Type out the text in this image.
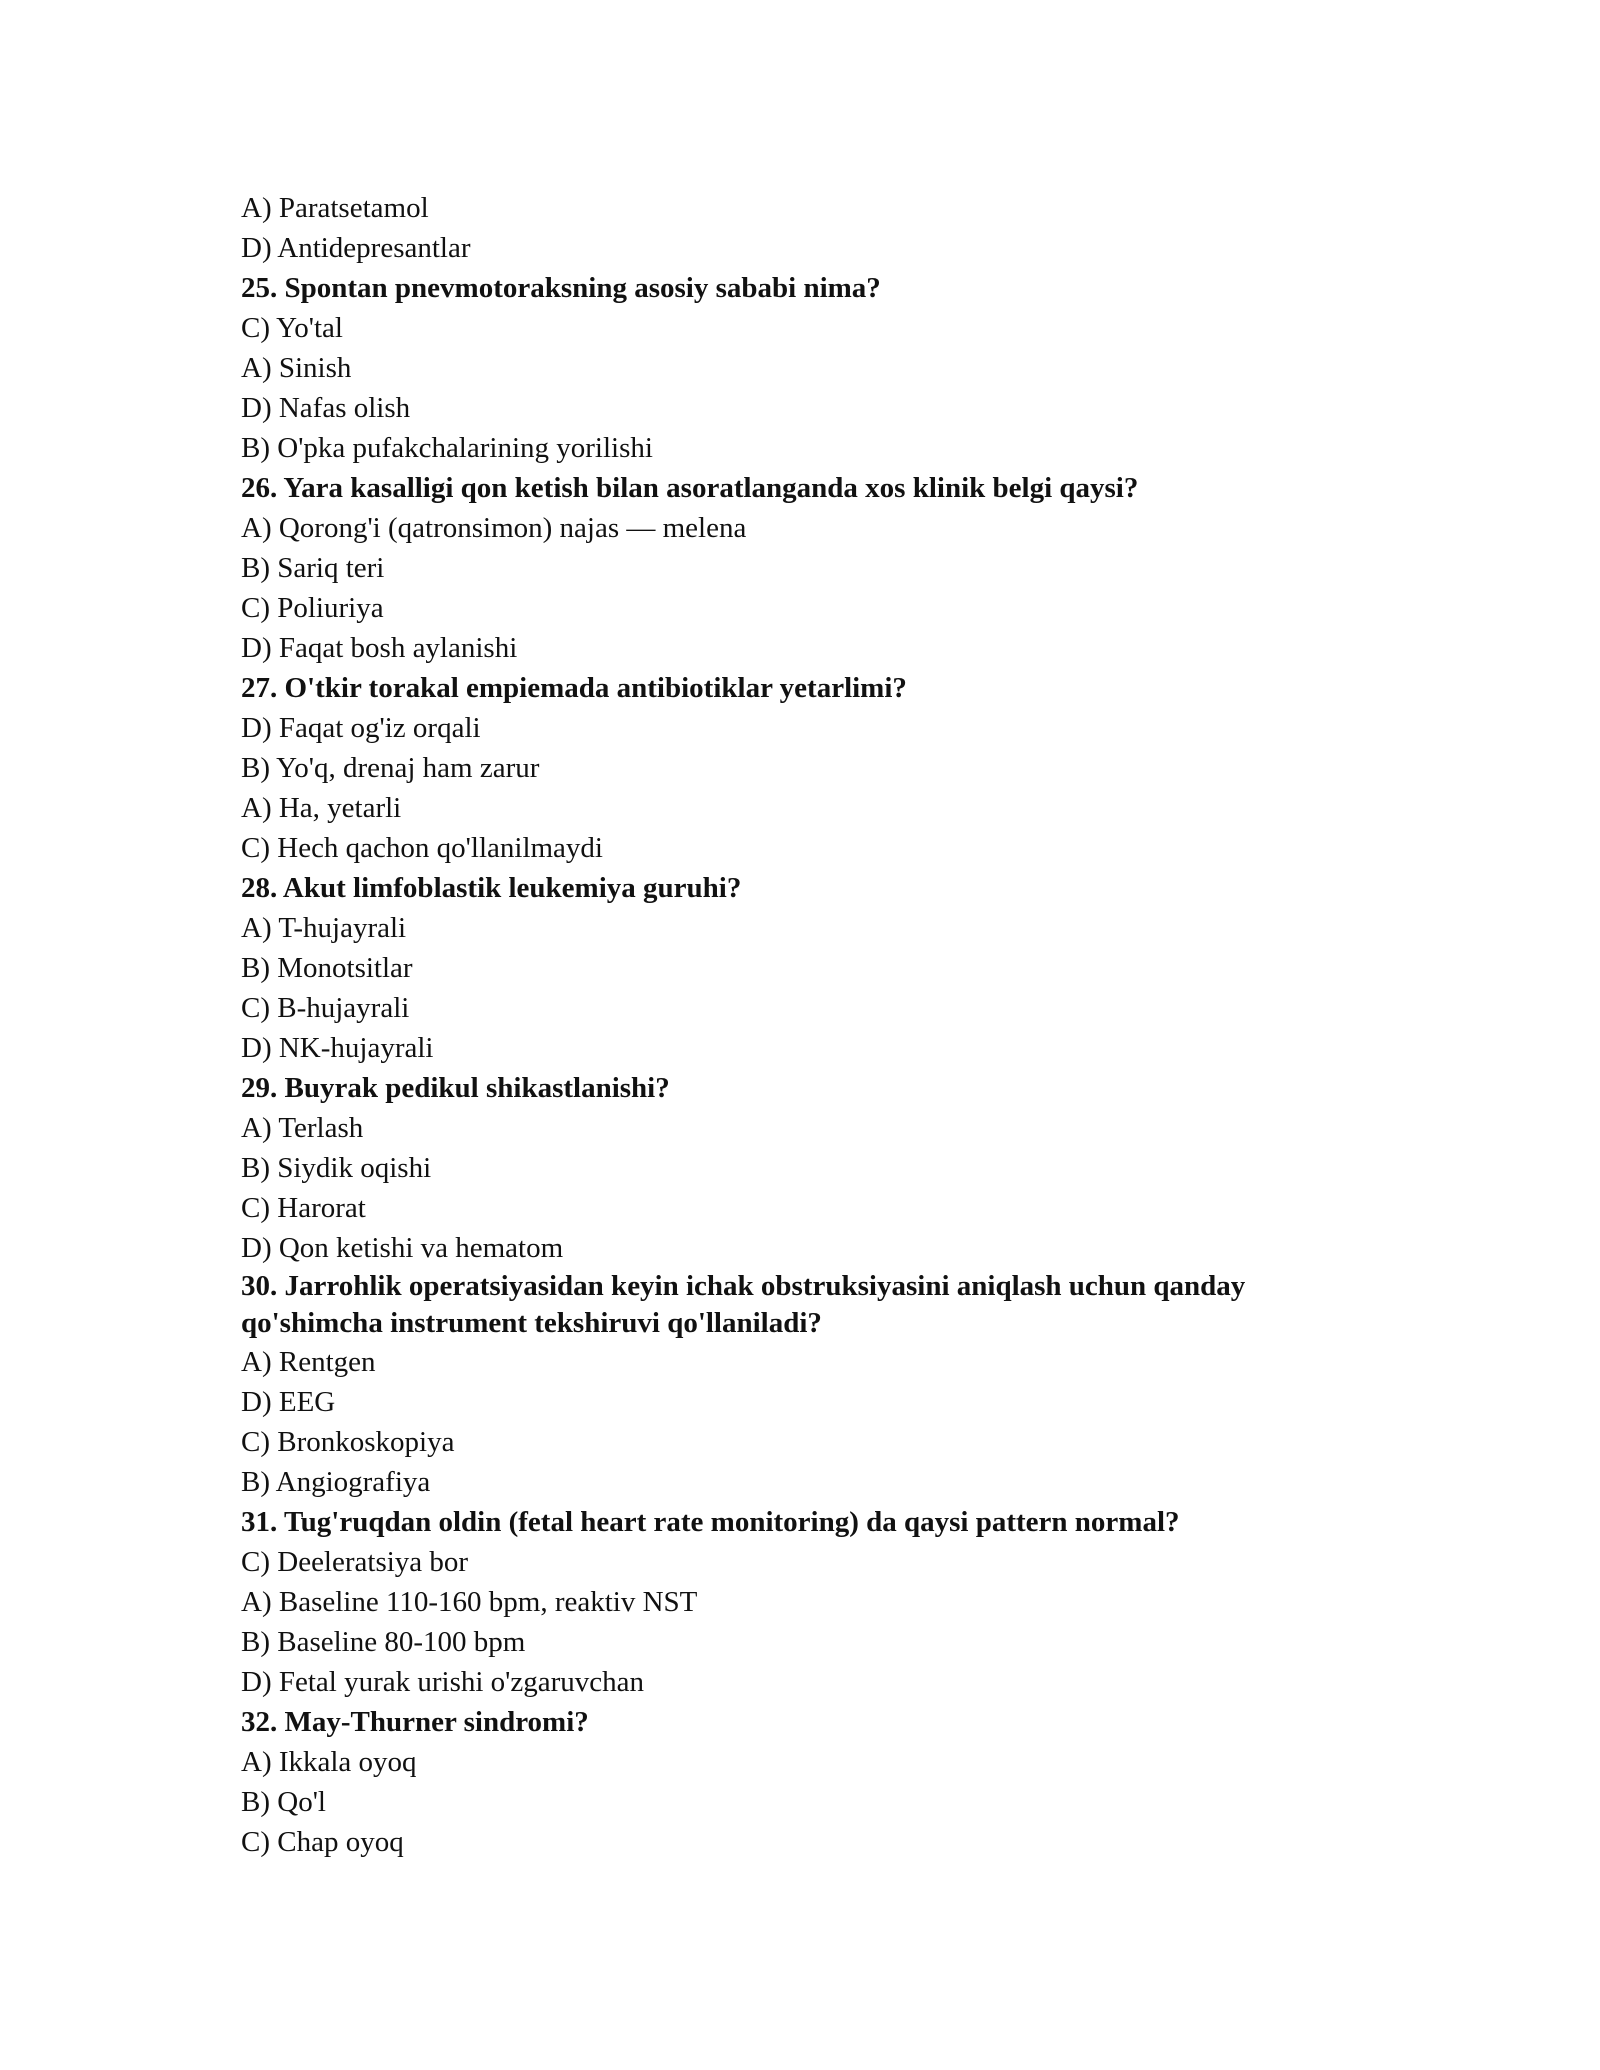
A) Paratsetamol

D) Antidepresantlar

25. Spontan pnevmotoraksning asosiy sababi nima?

C) Yo'tal

A) Sinish

D) Nafas olish

B) O'pka pufakchalarining yorilishi

26. Yara kasalligi qon ketish bilan asoratlanganda xos klinik belgi qaysi?

A) Qorong'i (qatronsimon) najas — melena

B) Sariq teri

C) Poliuriya

D) Faqat bosh aylanishi

27. O'tkir torakal empiemada antibiotiklar yetarlimi?

D) Faqat og'iz orqali

B) Yo'q, drenaj ham zarur

A) Ha, yetarli

C) Hech qachon qo'llanilmaydi

28. Akut limfoblastik leukemiya guruhi?

A) T-hujayrali

B) Monotsitlar

C) B-hujayrali

D) NK-hujayrali

29. Buyrak pedikul shikastlanishi?

A) Terlash

B) Siydik oqishi

C) Harorat

D) Qon ketishi va hematom

30. Jarrohlik operatsiyasidan keyin ichak obstruksiyasini aniqlash uchun qanday qo'shimcha instrument tekshiruvi qo'llaniladi?

A) Rentgen

D) EEG

C) Bronkoskopiya

B) Angiografiya

31. Tug'ruqdan oldin (fetal heart rate monitoring) da qaysi pattern normal?

C) Deeleratsiya bor

A) Baseline 110-160 bpm, reaktiv NST

B) Baseline 80-100 bpm

D) Fetal yurak urishi o'zgaruvchan

32. May-Thurner sindromi?

A) Ikkala oyoq

B) Qo'l

C) Chap oyoq
